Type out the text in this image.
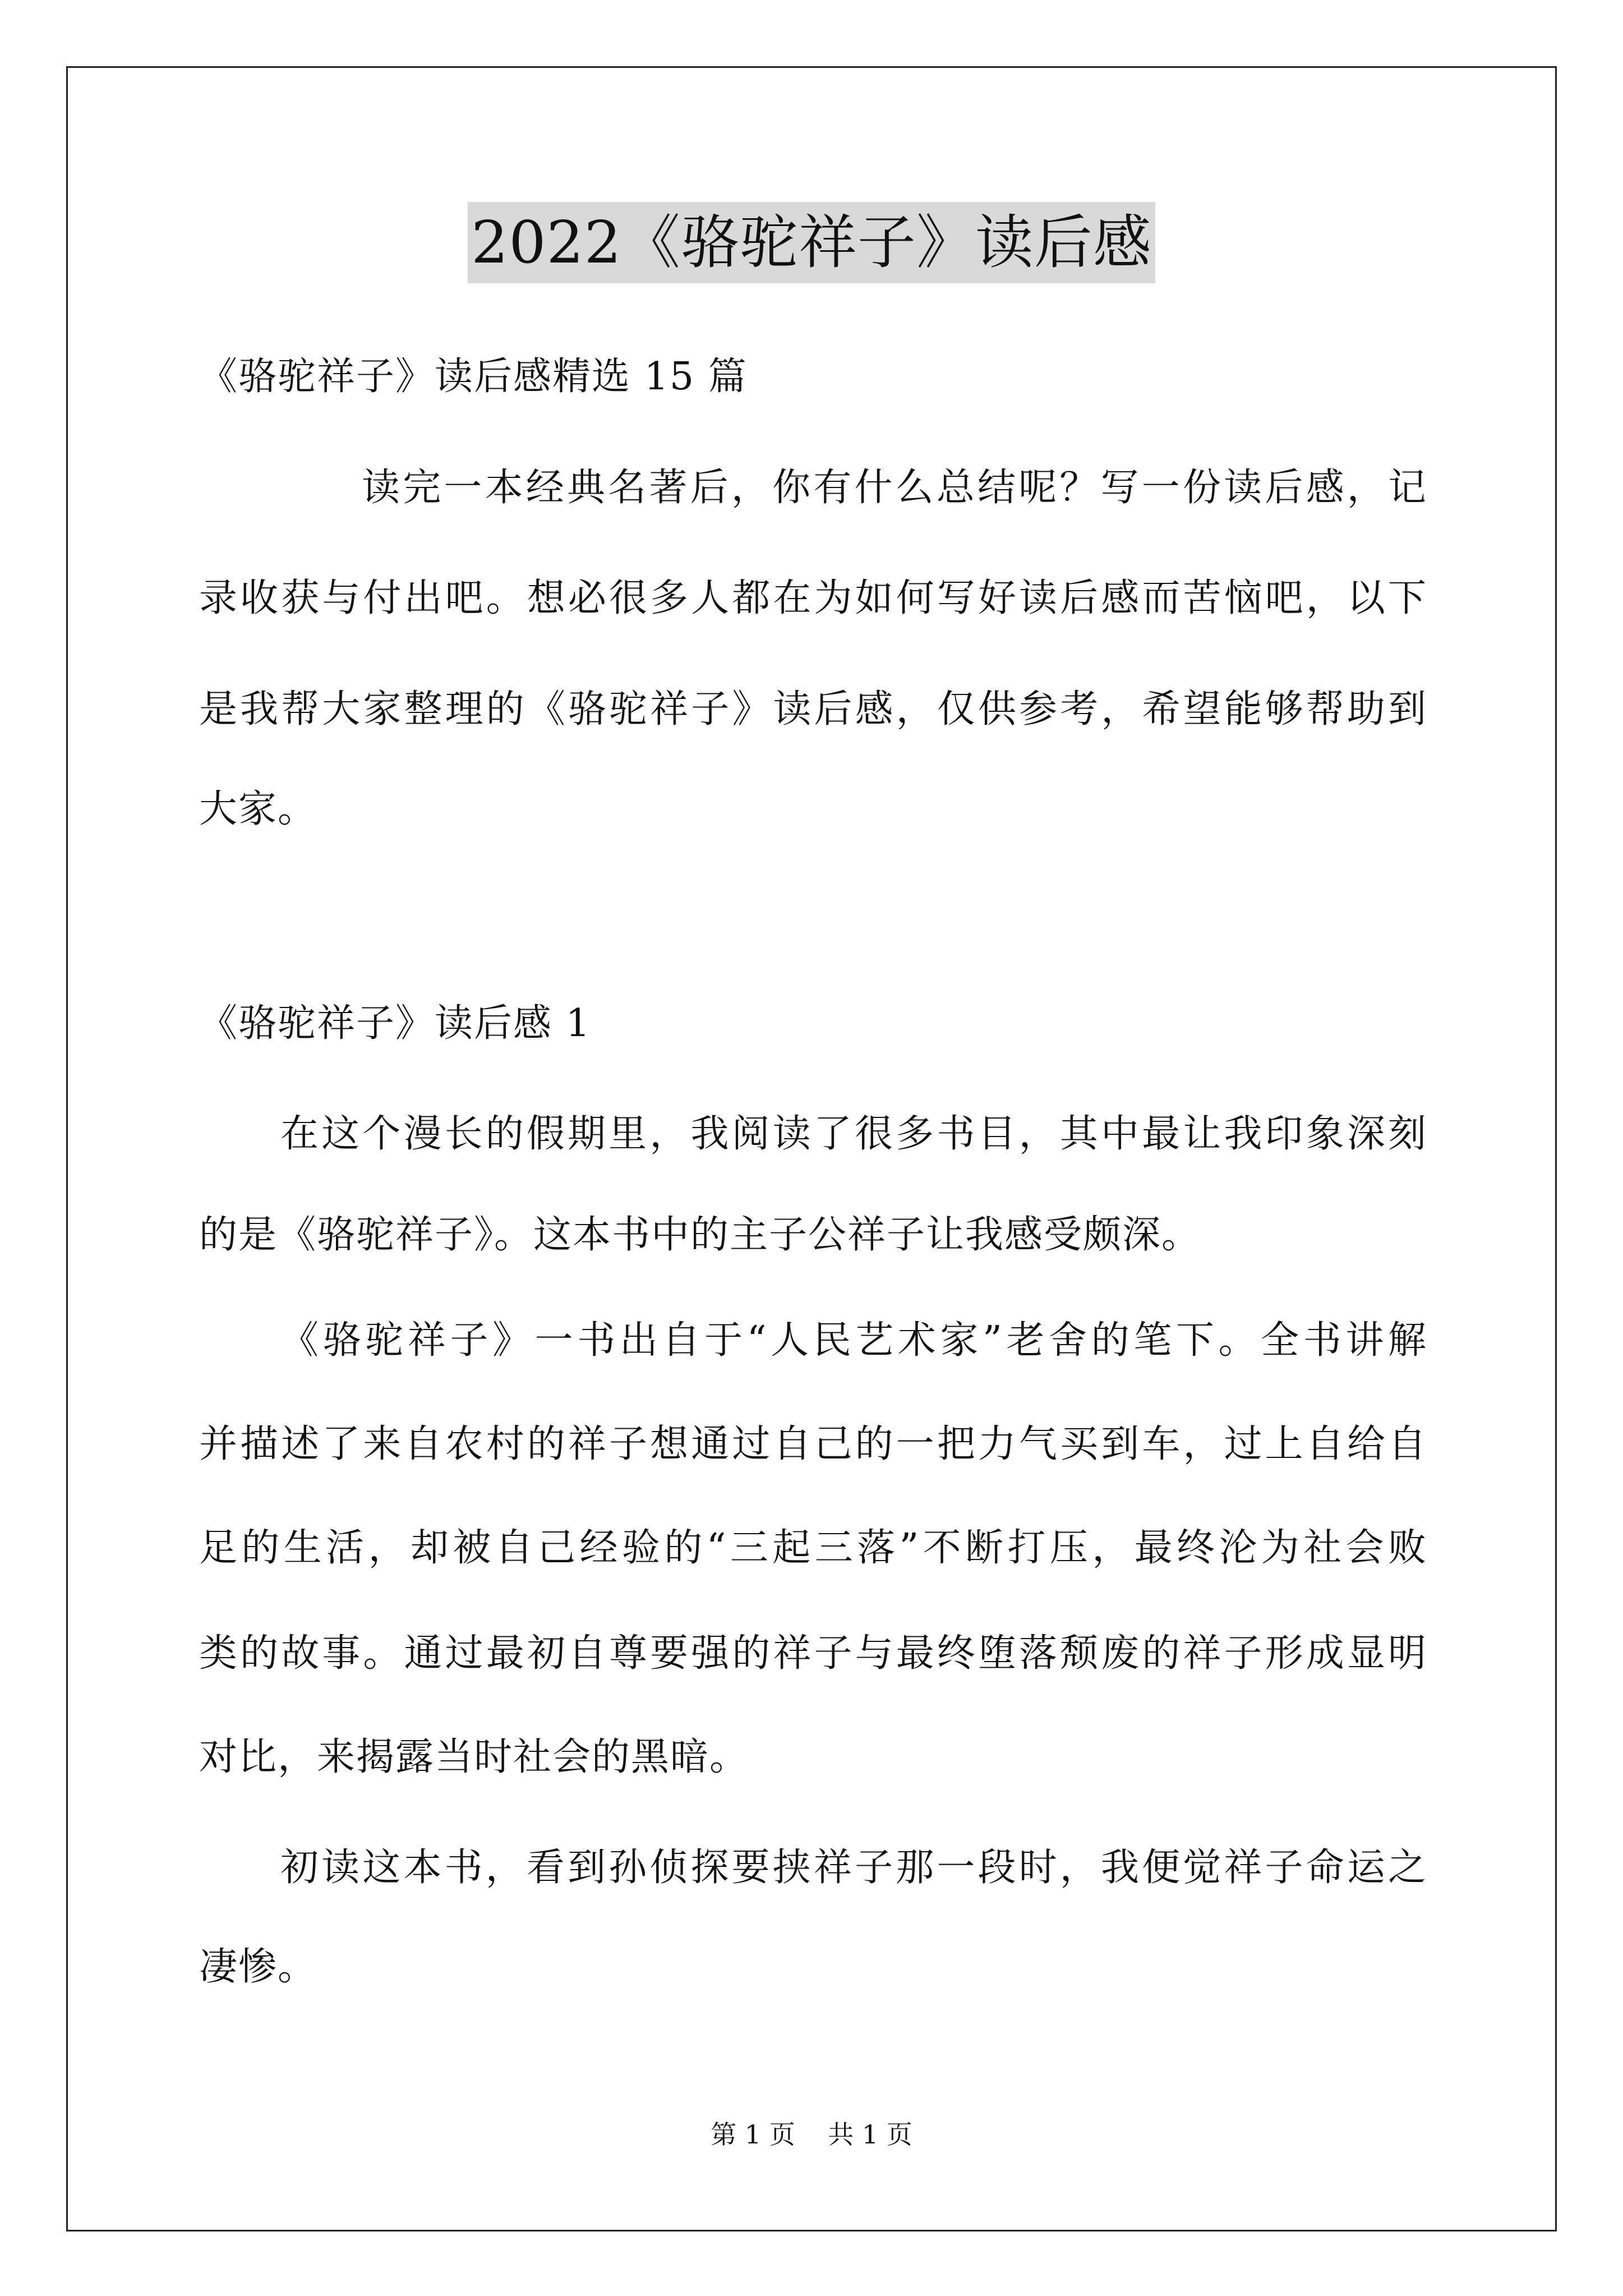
2022《骆驼祥子》读后感
《骆驼祥子》读后感精选 15 篇
读完一本经典名著后，你有什么总结呢？写一份读后感，记
录收获与付出吧。想必很多人都在为如何写好读后感而苦恼吧，以下
是我帮大家整理的《骆驼祥子》读后感，仅供参考，希望能够帮助到
大家。
《骆驼祥子》读后感 1
在这个漫长的假期里，我阅读了很多书目，其中最让我印象深刻
的是《骆驼祥子》。这本书中的主子公祥子让我感受颇深。
《骆驼祥子》一书出自于“人民艺术家”老舍的笔下。全书讲解
并描述了来自农村的祥子想通过自己的一把力气买到车，过上自给自
足的生活，却被自己经验的“三起三落”不断打压，最终沦为社会败
类的故事。通过最初自尊要强的祥子与最终堕落颓废的祥子形成显明
对比，来揭露当时社会的黑暗。
初读这本书，看到孙侦探要挟祥子那一段时，我便觉祥子命运之
凄惨。
第 1 页    共 1 页
